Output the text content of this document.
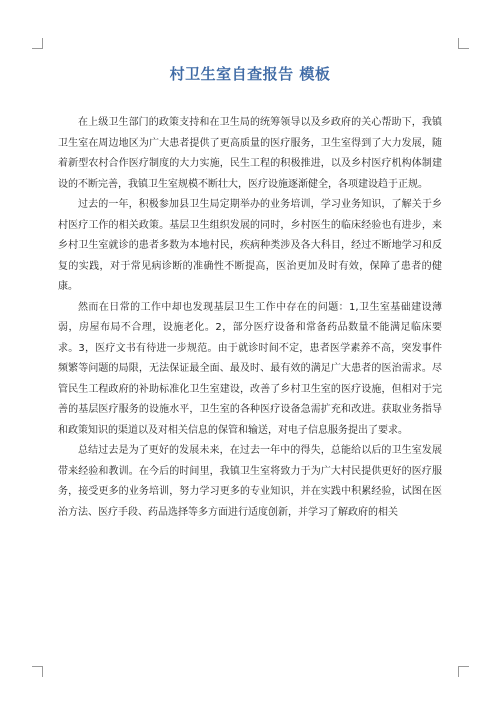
村卫生室自查报告 模板

在上级卫生部门的政策支持和在卫生局的统筹领导以及乡政府的关心帮助下，我镇卫生室在周边地区为广大患者提供了更高质量的医疗服务，卫生室得到了大力发展，随着新型农村合作医疗制度的大力实施，民生工程的积极推进，以及乡村医疗机构体制建设的不断完善，我镇卫生室规模不断壮大，医疗设施逐渐健全，各项建设趋于正规。

过去的一年，积极参加县卫生局定期举办的业务培训，学习业务知识，了解关于乡村医疗工作的相关政策。基层卫生组织发展的同时，乡村医生的临床经验也有进步，来乡村卫生室就诊的患者多数为本地村民，疾病种类涉及各大科目，经过不断地学习和反复的实践，对于常见病诊断的准确性不断提高，医治更加及时有效，保障了患者的健康。

然而在日常的工作中却也发现基层卫生工作中存在的问题：1,卫生室基础建设薄弱，房屋布局不合理，设施老化。2，部分医疗设备和常备药品数量不能满足临床要求。3，医疗文书有待进一步规范。由于就诊时间不定，患者医学素养不高，突发事件频繁等问题的局限，无法保证最全面、最及时、最有效的满足广大患者的医治需求。尽管民生工程政府的补助标准化卫生室建设，改善了乡村卫生室的医疗设施，但相对于完善的基层医疗服务的设施水平，卫生室的各种医疗设备急需扩充和改进。获取业务指导和政策知识的渠道以及对相关信息的保管和输送，对电子信息服务提出了要求。

总结过去是为了更好的发展未来，在过去一年中的得失，总能给以后的卫生室发展带来经验和教训。在今后的时间里，我镇卫生室将致力于为广大村民提供更好的医疗服务，接受更多的业务培训，努力学习更多的专业知识，并在实践中积累经验，试图在医治方法、医疗手段、药品选择等多方面进行适度创新，并学习了解政府的相关
